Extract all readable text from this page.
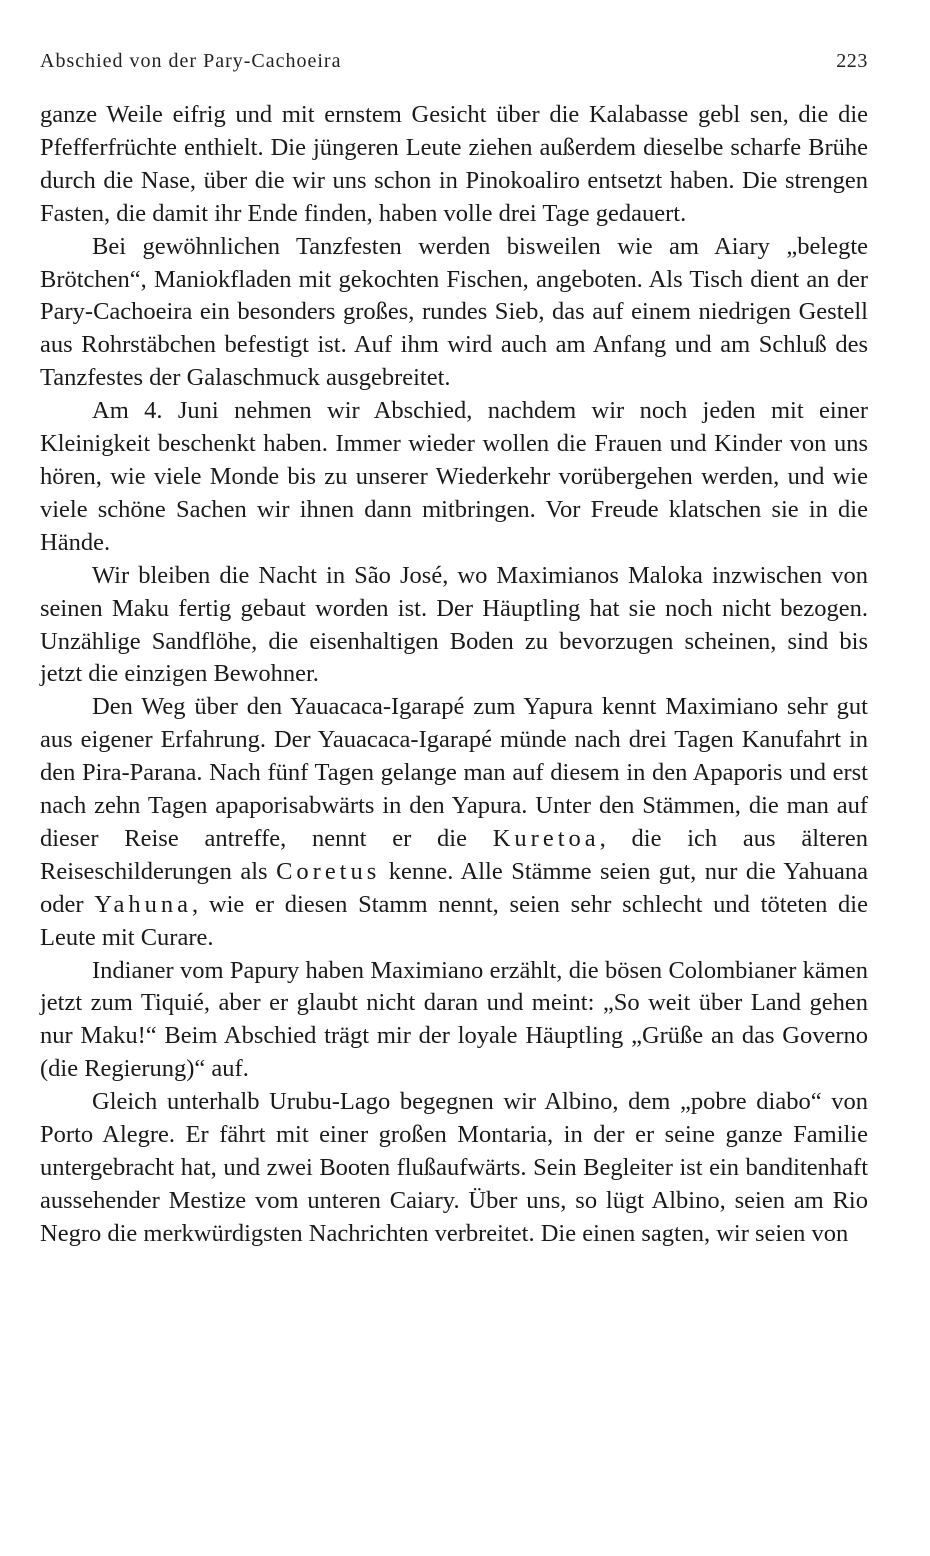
Abschied von der Pary-Cachoeira	223

ganze Weile eifrig und mit ernstem Gesicht über die Kalabasse gebl sen, die die Pfefferfrüchte enthielt. Die jüngeren Leute ziehen außerdem dieselbe scharfe Brühe durch die Nase, über die wir uns schon in Pinokoaliro entsetzt haben. Die strengen Fasten, die damit ihr Ende finden, haben volle drei Tage gedauert.

Bei gewöhnlichen Tanzfesten werden bisweilen wie am Aiary „belegte Brötchen“, Maniokfladen mit gekochten Fischen, angeboten. Als Tisch dient an der Pary-Cachoeira ein besonders großes, rundes Sieb, das auf einem niedrigen Gestell aus Rohrstäbchen befestigt ist. Auf ihm wird auch am Anfang und am Schluß des Tanzfestes der Galaschmuck ausgebreitet.

Am 4. Juni nehmen wir Abschied, nachdem wir noch jeden mit einer Kleinigkeit beschenkt haben. Immer wieder wollen die Frauen und Kinder von uns hören, wie viele Monde bis zu unserer Wiederkehr vorübergehen werden, und wie viele schöne Sachen wir ihnen dann mitbringen. Vor Freude klatschen sie in die Hände.

Wir bleiben die Nacht in São José, wo Maximianos Maloka inzwischen von seinen Maku fertig gebaut worden ist. Der Häuptling hat sie noch nicht bezogen. Unzählige Sandflöhe, die eisenhaltigen Boden zu bevorzugen scheinen, sind bis jetzt die einzigen Bewohner.

Den Weg über den Yauacaca-Igarapé zum Yapura kennt Maximiano sehr gut aus eigener Erfahrung. Der Yauacaca-Igarapé münde nach drei Tagen Kanufahrt in den Pira-Parana. Nach fünf Tagen gelange man auf diesem in den Apaporis und erst nach zehn Tagen apaporisabwärts in den Yapura. Unter den Stämmen, die man auf dieser Reise antreffe, nennt er die Kuretoa, die ich aus älteren Reiseschilderungen als Coretus kenne. Alle Stämme seien gut, nur die Yahuana oder Yahuna, wie er diesen Stamm nennt, seien sehr schlecht und töteten die Leute mit Curare.

Indianer vom Papury haben Maximiano erzählt, die bösen Colombianer kämen jetzt zum Tiquié, aber er glaubt nicht daran und meint: „So weit über Land gehen nur Maku!“ Beim Abschied trägt mir der loyale Häuptling „Grüße an das Governo (die Regierung)“ auf.

Gleich unterhalb Urubu-Lago begegnen wir Albino, dem „pobre diabo“ von Porto Alegre. Er fährt mit einer großen Montaria, in der er seine ganze Familie untergebracht hat, und zwei Booten flußaufwärts. Sein Begleiter ist ein banditenhaft aussehender Mestize vom unteren Caiary. Über uns, so lügt Albino, seien am Rio Negro die merkwürdigsten Nachrichten verbreitet. Die einen sagten, wir seien von
